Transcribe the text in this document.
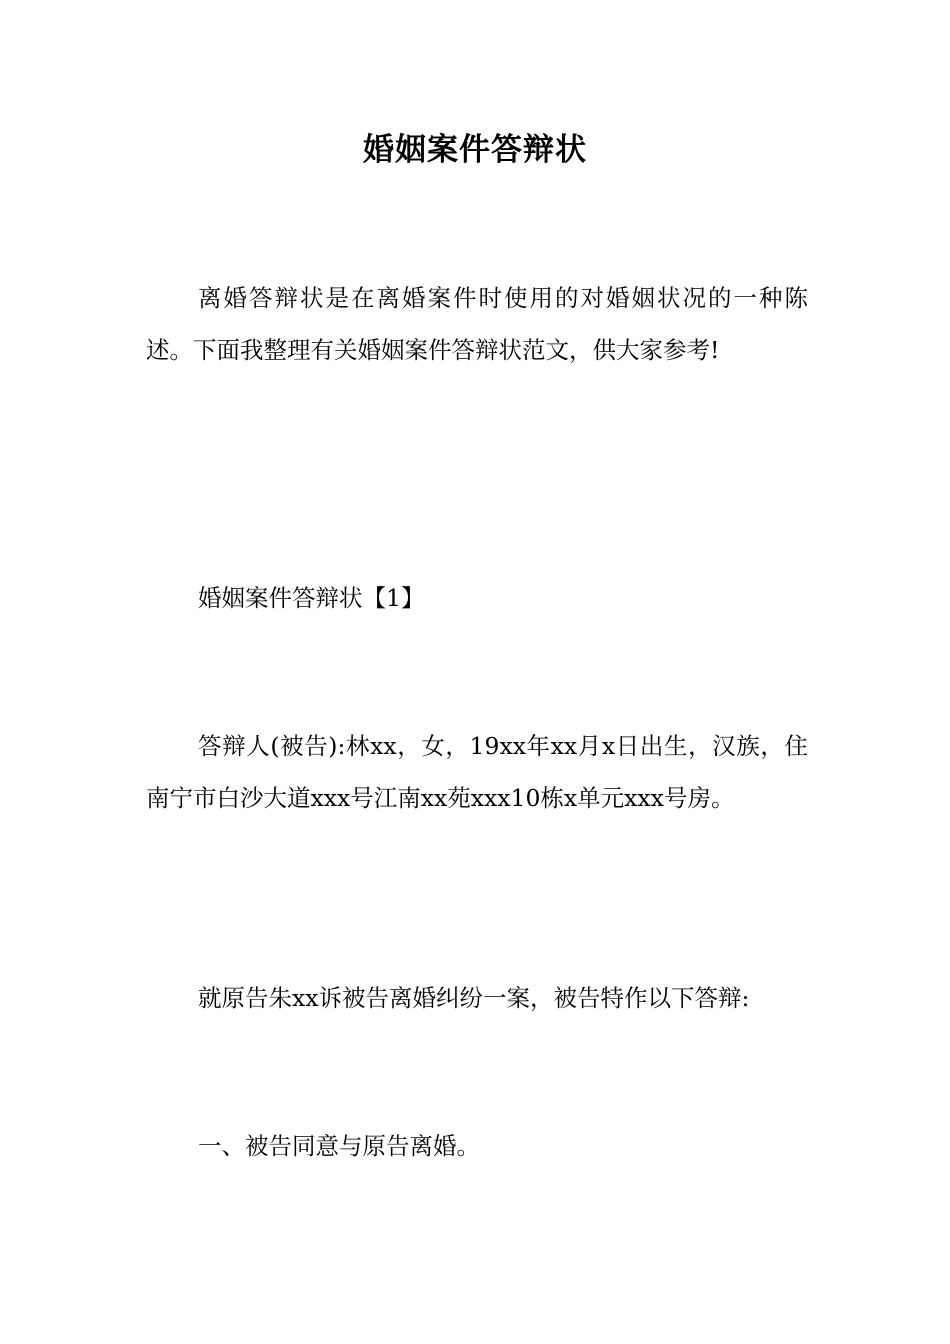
婚姻案件答辩状

离婚答辩状是在离婚案件时使用的对婚姻状况的一种陈述。下面我整理有关婚姻案件答辩状范文，供大家参考!

婚姻案件答辩状【1】

答辩人(被告):林xx，女，19xx年xx月x日出生，汉族，住南宁市白沙大道xxx号江南xx苑xxx10栋x单元xxx号房。

就原告朱xx诉被告离婚纠纷一案，被告特作以下答辩:

一、被告同意与原告离婚。
